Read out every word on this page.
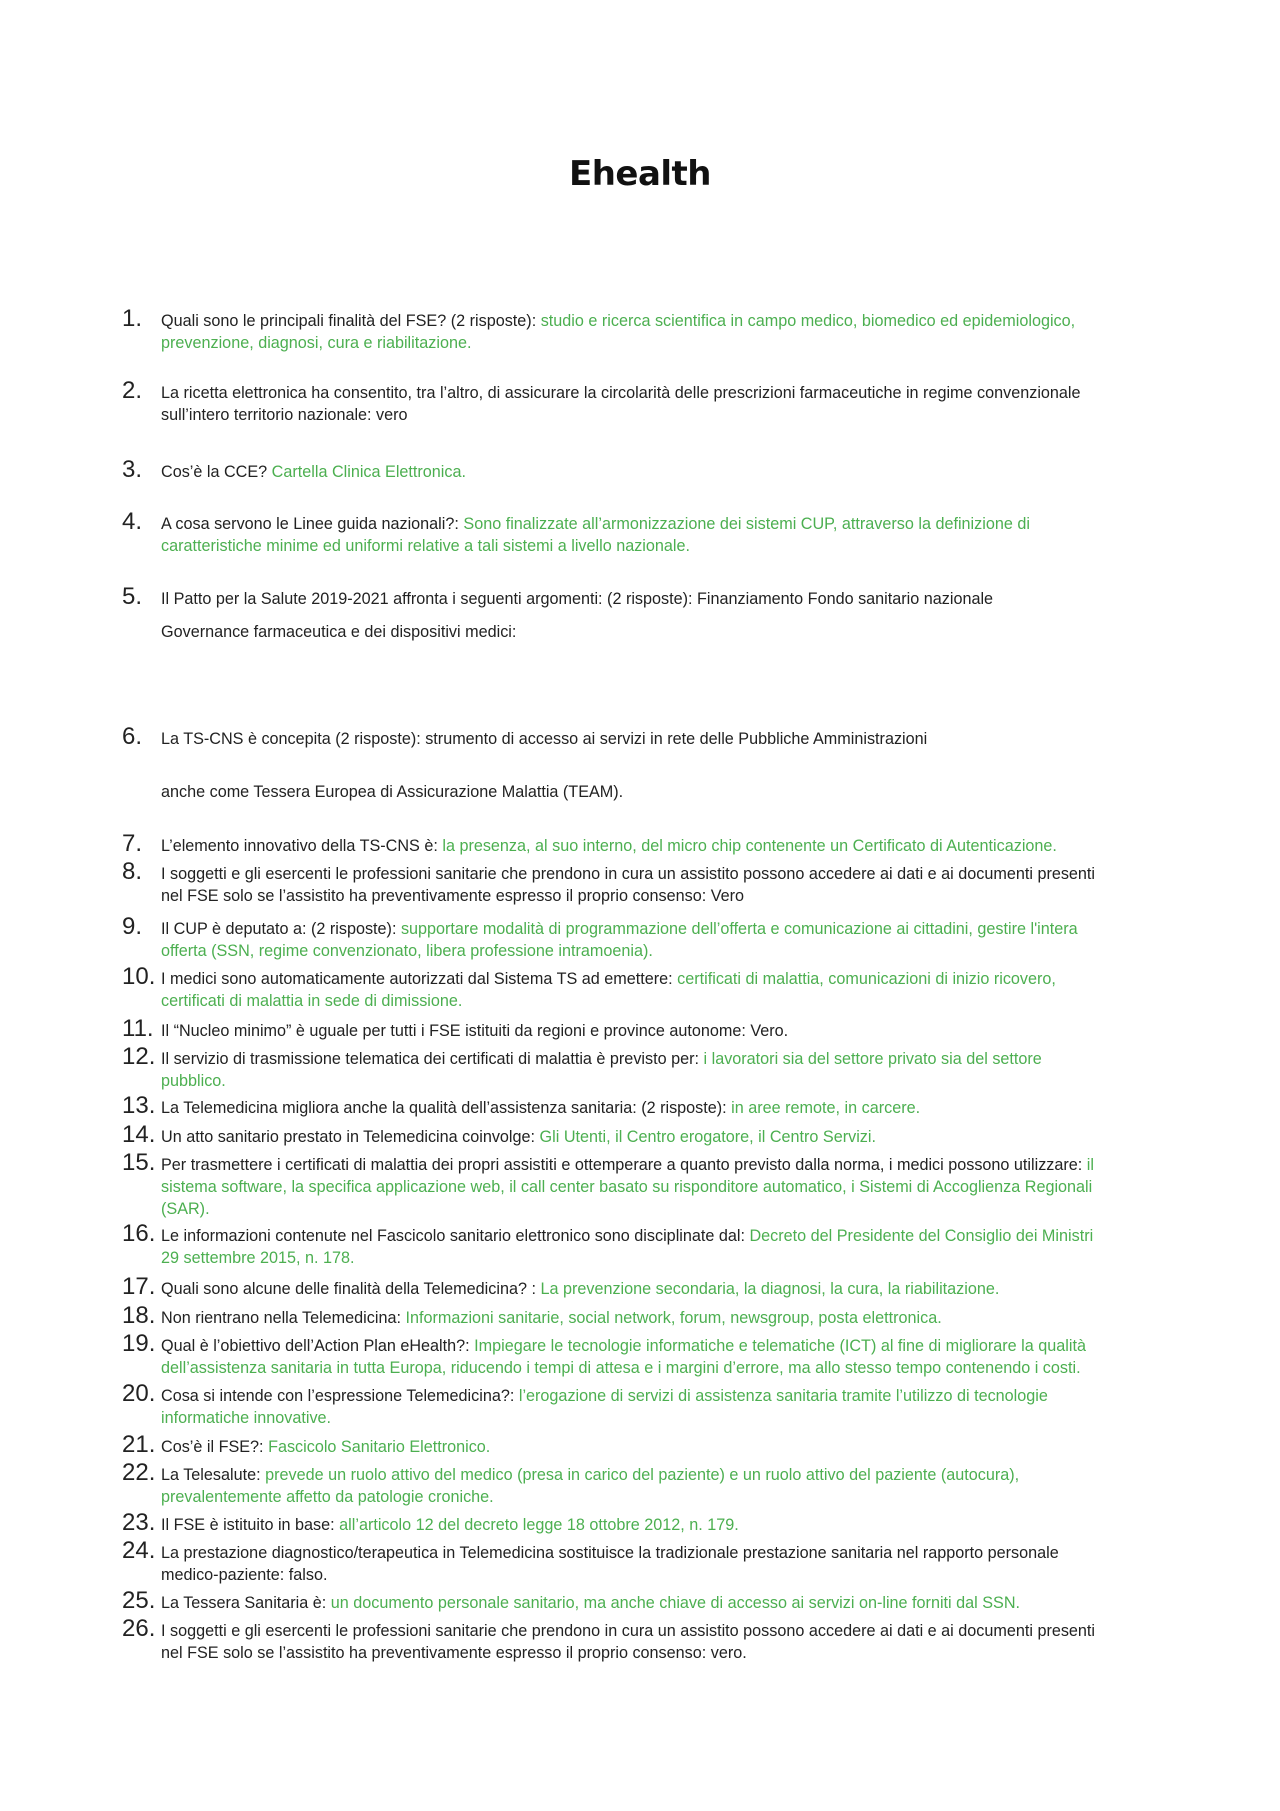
Ehealth
1.	Quali sono le principali finalità del FSE? (2 risposte): studio e ricerca scientifica in campo medico, biomedico ed epidemiologico,
prevenzione, diagnosi, cura e riabilitazione.
2.	La ricetta elettronica ha consentito, tra l’altro, di assicurare la circolarità delle prescrizioni farmaceutiche in regime convenzionale
sull’intero territorio nazionale: vero
3.	Cos’è la CCE? Cartella Clinica Elettronica.
4.	A cosa servono le Linee guida nazionali?: Sono finalizzate all’armonizzazione dei sistemi CUP, attraverso la definizione di
caratteristiche minime ed uniformi relative a tali sistemi a livello nazionale.
5.	Il Patto per la Salute 2019-2021 affronta i seguenti argomenti: (2 risposte): Finanziamento Fondo sanitario nazionale
Governance farmaceutica e dei dispositivi medici:
6.	La TS-CNS è concepita (2 risposte): strumento di accesso ai servizi in rete delle Pubbliche Amministrazioni
anche come Tessera Europea di Assicurazione Malattia (TEAM).
7.	L’elemento innovativo della TS-CNS è: la presenza, al suo interno, del micro chip contenente un Certificato di Autenticazione.
8.	I soggetti e gli esercenti le professioni sanitarie che prendono in cura un assistito possono accedere ai dati e ai documenti presenti
nel FSE solo se l’assistito ha preventivamente espresso il proprio consenso: Vero
9.	Il CUP è deputato a: (2 risposte): supportare modalità di programmazione dell’offerta e comunicazione ai cittadini, gestire l'intera
offerta (SSN, regime convenzionato, libera professione intramoenia).
10. I medici sono automaticamente autorizzati dal Sistema TS ad emettere: certificati di malattia, comunicazioni di inizio ricovero,
certificati di malattia in sede di dimissione.
11. Il “Nucleo minimo” è uguale per tutti i FSE istituiti da regioni e province autonome: Vero.
12. Il servizio di trasmissione telematica dei certificati di malattia è previsto per: i lavoratori sia del settore privato sia del settore
pubblico.
13. La Telemedicina migliora anche la qualità dell’assistenza sanitaria: (2 risposte): in aree remote, in carcere.
14. Un atto sanitario prestato in Telemedicina coinvolge: Gli Utenti, il Centro erogatore, il Centro Servizi.
15. Per trasmettere i certificati di malattia dei propri assistiti e ottemperare a quanto previsto dalla norma, i medici possono utilizzare: il
sistema software, la specifica applicazione web, il call center basato su risponditore automatico, i Sistemi di Accoglienza Regionali
(SAR).
16. Le informazioni contenute nel Fascicolo sanitario elettronico sono disciplinate dal: Decreto del Presidente del Consiglio dei Ministri
29 settembre 2015, n. 178.
17. Quali sono alcune delle finalità della Telemedicina? : La prevenzione secondaria, la diagnosi, la cura, la riabilitazione.
18. Non rientrano nella Telemedicina: Informazioni sanitarie, social network, forum, newsgroup, posta elettronica.
19. Qual è l’obiettivo dell’Action Plan eHealth?: Impiegare le tecnologie informatiche e telematiche (ICT) al fine di migliorare la qualità
dell’assistenza sanitaria in tutta Europa, riducendo i tempi di attesa e i margini d’errore, ma allo stesso tempo contenendo i costi.
20. Cosa si intende con l’espressione Telemedicina?: l’erogazione di servizi di assistenza sanitaria tramite l’utilizzo di tecnologie
informatiche innovative.
21. Cos’è il FSE?: Fascicolo Sanitario Elettronico.
22. La Telesalute: prevede un ruolo attivo del medico (presa in carico del paziente) e un ruolo attivo del paziente (autocura),
prevalentemente affetto da patologie croniche.
23. Il FSE è istituito in base: all’articolo 12 del decreto legge 18 ottobre 2012, n. 179.
24. La prestazione diagnostico/terapeutica in Telemedicina sostituisce la tradizionale prestazione sanitaria nel rapporto personale
medico-paziente: falso.
25. La Tessera Sanitaria è: un documento personale sanitario, ma anche chiave di accesso ai servizi on-line forniti dal SSN.
26. I soggetti e gli esercenti le professioni sanitarie che prendono in cura un assistito possono accedere ai dati e ai documenti presenti
nel FSE solo se l’assistito ha preventivamente espresso il proprio consenso: vero.
